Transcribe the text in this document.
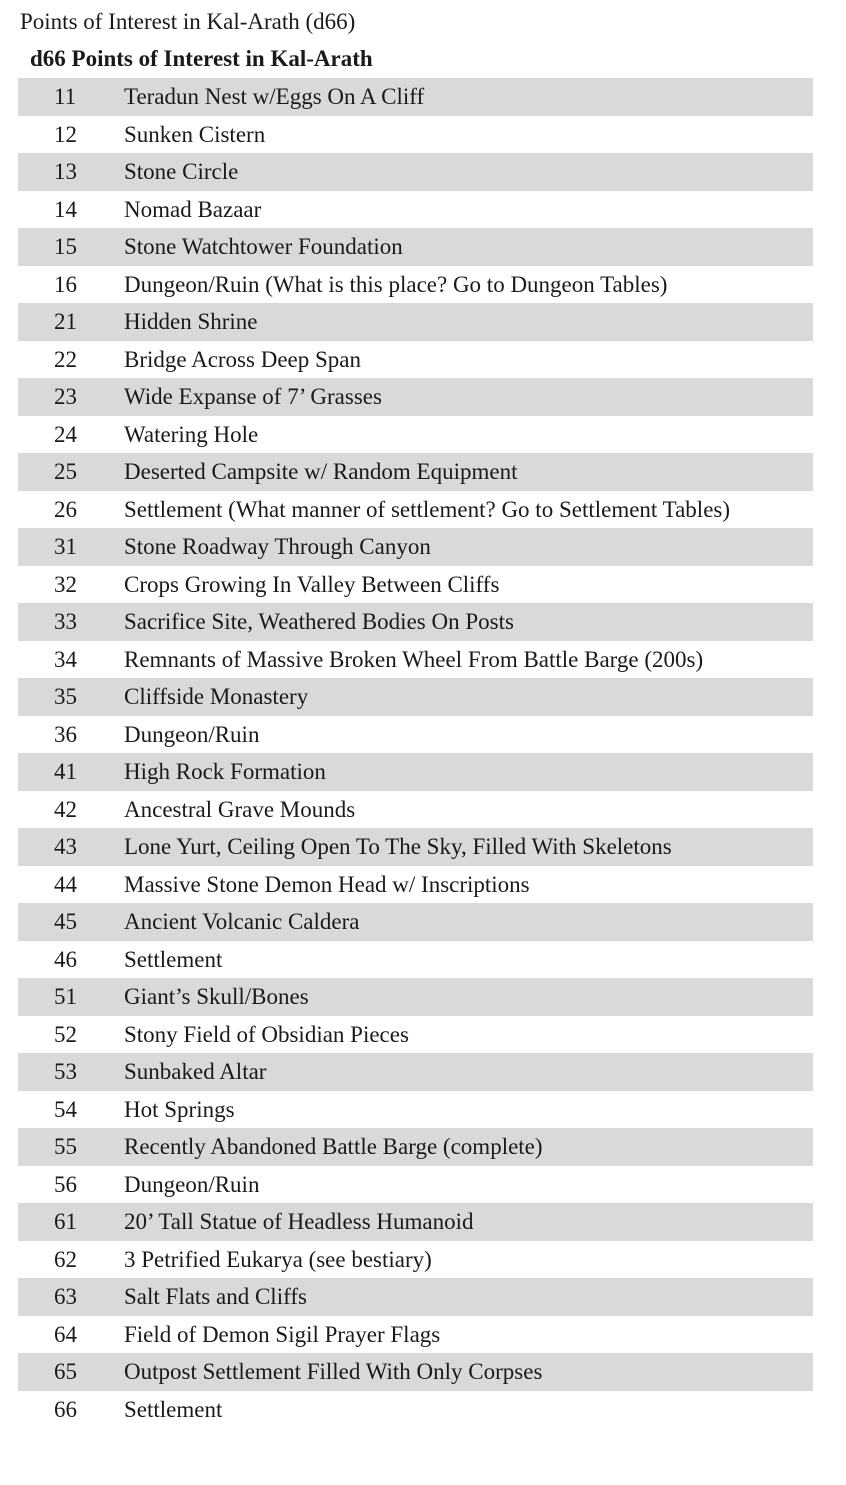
Points of Interest in Kal-Arath (d66)
d66 Points of Interest in Kal-Arath
11 Teradun Nest w/Eggs On A Cliff
12 Sunken Cistern
13 Stone Circle
14 Nomad Bazaar
15 Stone Watchtower Foundation
16 Dungeon/Ruin (What is this place? Go to Dungeon Tables)
21 Hidden Shrine
22 Bridge Across Deep Span
23 Wide Expanse of 7’ Grasses
24 Watering Hole
25 Deserted Campsite w/ Random Equipment
26 Settlement (What manner of settlement? Go to Settlement Tables)
31 Stone Roadway Through Canyon
32 Crops Growing In Valley Between Cliffs
33 Sacrifice Site, Weathered Bodies On Posts
34 Remnants of Massive Broken Wheel From Battle Barge (200s)
35 Cliffside Monastery
36 Dungeon/Ruin
41 High Rock Formation
42 Ancestral Grave Mounds
43 Lone Yurt, Ceiling Open To The Sky, Filled With Skeletons
44 Massive Stone Demon Head w/ Inscriptions
45 Ancient Volcanic Caldera
46 Settlement
51 Giant’s Skull/Bones
52 Stony Field of Obsidian Pieces
53 Sunbaked Altar
54 Hot Springs
55 Recently Abandoned Battle Barge (complete)
56 Dungeon/Ruin
61 20’ Tall Statue of Headless Humanoid
62 3 Petrified Eukarya (see bestiary)
63 Salt Flats and Cliffs
64 Field of Demon Sigil Prayer Flags
65 Outpost Settlement Filled With Only Corpses
66 Settlement
